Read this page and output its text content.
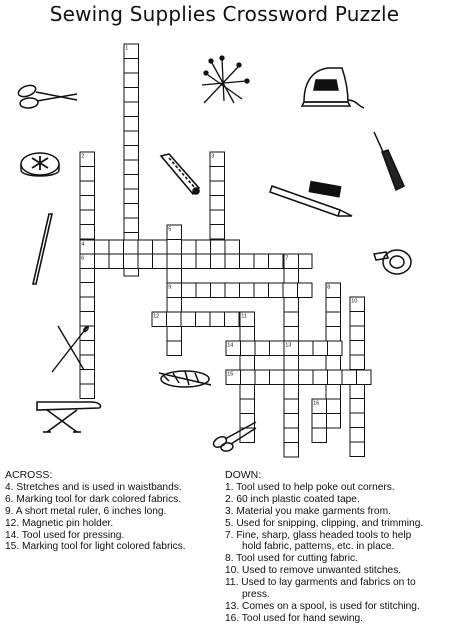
Sewing Supplies Crossword Puzzle
1
2	3
4
5
6	7
8
9
10
11
12
13
14
15
16
ACROSS:
4. Stretches and is used in waistbands.
6. Marking tool for dark colored fabrics.
9. A short metal ruler, 6 inches long.
12. Magnetic pin holder.
14. Tool used for pressing.
15. Marking tool for light colored fabrics.
DOWN:
1. Tool used to help poke out corners.
2. 60 inch plastic coated tape.
3. Material you make garments from.
5. Used for snipping, clipping, and trimming.
7. Fine, sharp, glass headed tools to help
hold fabric, patterns, etc. in place.
8. Tool used for cutting fabric.
10. Used to remove unwanted stitches.
11. Used to lay garments and fabrics on to
press.
13. Comes on a spool, is used for stitching.
16. Tool used for hand sewing.
